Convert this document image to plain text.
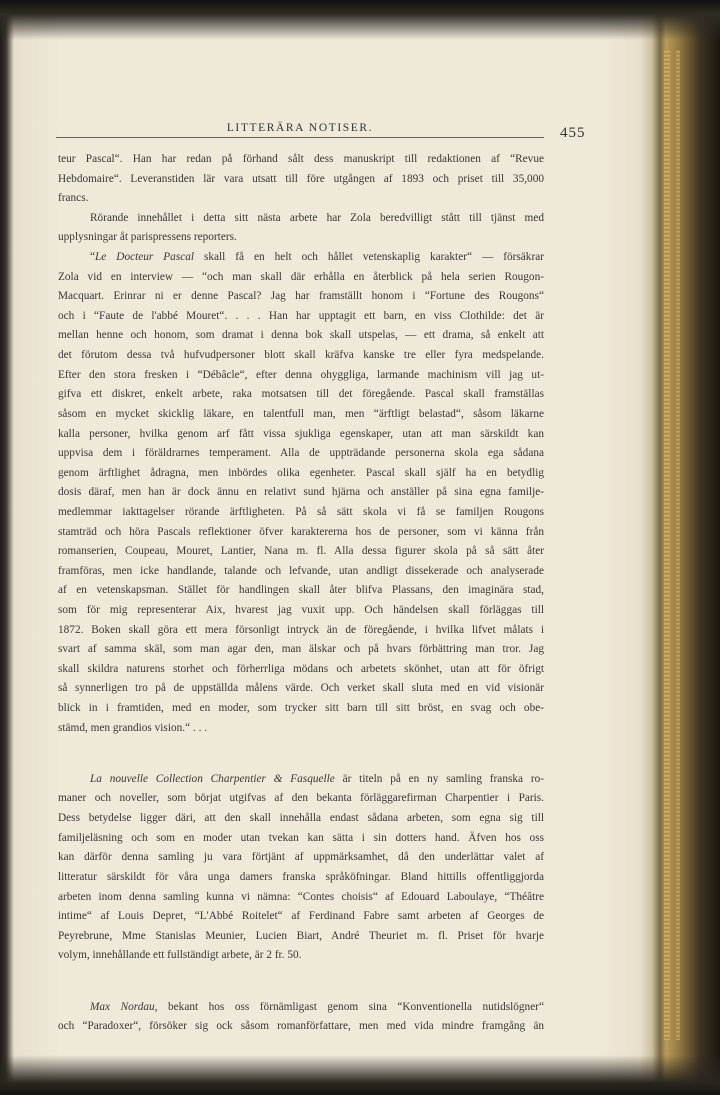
LITTERÄRA NOTISER.	455
teur Pascal“. Han har redan på förhand sålt dess manuskript till redaktionen af “Revue
Hebdomaire“. Leveranstiden lär vara utsatt till före utgången af 1893 och priset till 35,000
francs.
Rörande innehållet i detta sitt nästa arbete har Zola beredvilligt stått till tjänst med
upplysningar åt parispressens reporters.
“Le Docteur Pascal skall få en helt och hållet vetenskaplig karakter“ — försäkrar
Zola vid en interview — “och man skall där erhålla en återblick på hela serien Rougon-
Macquart. Erinrar ni er denne Pascal? Jag har framställt honom i “Fortune des Rougons“
och i “Faute de l'abbé Mouret“. . . . Han har upptagit ett barn, en viss Clothilde: det är
mellan henne och honom, som dramat i denna bok skall utspelas, — ett drama, så enkelt att
det förutom dessa två hufvudpersoner blott skall kräfva kanske tre eller fyra medspelande.
Efter den stora fresken i “Débâcle“, efter denna ohyggliga, larmande machinism vill jag ut-
gifva ett diskret, enkelt arbete, raka motsatsen till det föregående. Pascal skall framställas
såsom en mycket skicklig läkare, en talentfull man, men “ärftligt belastad“, såsom läkarne
kalla personer, hvilka genom arf fått vissa sjukliga egenskaper, utan att man särskildt kan
uppvisa dem i föräldrarnes temperament. Alla de uppträdande personerna skola ega sådana
genom ärftlighet ådragna, men inbördes olika egenheter. Pascal skall själf ha en betydlig
dosis däraf, men han är dock ännu en relativt sund hjärna och anställer på sina egna familje-
medlemmar iakttagelser rörande ärftligheten. På så sätt skola vi få se familjen Rougons
stamträd och höra Pascals reflektioner öfver karaktererna hos de personer, som vi känna från
romanserien, Coupeau, Mouret, Lantier, Nana m. fl. Alla dessa figurer skola på så sätt åter
framföras, men icke handlande, talande och lefvande, utan andligt dissekerade och analyserade
af en vetenskapsman. Stället för handlingen skall åter blifva Plassans, den imaginära stad,
som för mig representerar Aix, hvarest jag vuxit upp. Och händelsen skall förläggas till
1872. Boken skall göra ett mera försonligt intryck än de föregående, i hvilka lifvet målats i
svart af samma skäl, som man agar den, man älskar och på hvars förbättring man tror. Jag
skall skildra naturens storhet och förherrliga mödans och arbetets skönhet, utan att för öfrigt
så synnerligen tro på de uppställda målens värde. Och verket skall sluta med en vid visionär
blick in i framtiden, med en moder, som trycker sitt barn till sitt bröst, en svag och obe-
stämd, men grandios vision.“ . . .
La nouvelle Collection Charpentier & Fasquelle är titeln på en ny samling franska ro-
maner och noveller, som börjat utgifvas af den bekanta förläggarefirman Charpentier i Paris.
Dess betydelse ligger däri, att den skall innehålla endast sådana arbeten, som egna sig till
familjeläsning och som en moder utan tvekan kan sätta i sin dotters hand. Äfven hos oss
kan därför denna samling ju vara förtjänt af uppmärksamhet, då den underlättar valet af
litteratur särskildt för våra unga damers franska språköfningar. Bland hittills offentliggjorda
arbeten inom denna samling kunna vi nämna: “Contes choisis“ af Edouard Laboulaye, “Théâtre
intime“ af Louis Depret, “L'Abbé Roitelet“ af Ferdinand Fabre samt arbeten af Georges de
Peyrebrune, Mme Stanislas Meunier, Lucien Biart, André Theuriet m. fl. Priset för hvarje
volym, innehållande ett fullständigt arbete, är 2 fr. 50.
Max Nordau, bekant hos oss förnämligast genom sina “Konventionella nutidslögner“
och “Paradoxer“, försöker sig ock såsom romanförfattare, men med vida mindre framgång än
